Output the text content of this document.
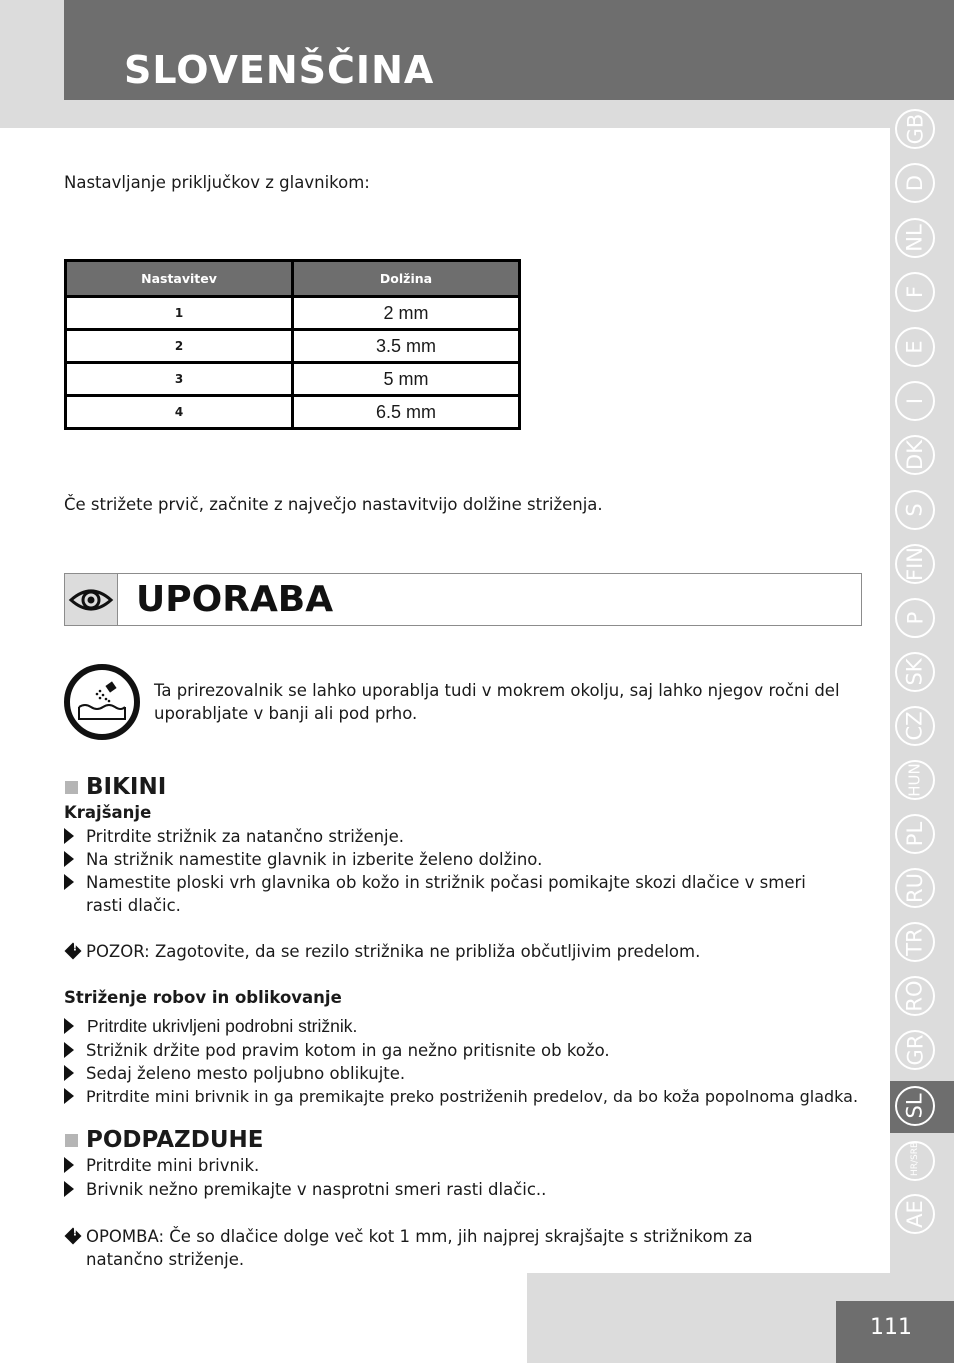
SLOVENŠČINA
GB
D
NL
F
E
I
DK
S
FIN
P
SK
CZ
HUN
PL
RU
TR
RO
GR
SL
HR/SRB
AE
Nastavljanje priključkov z glavnikom:
Nastavitev	Dolžina
1	2 mm
2	3.5 mm
3	5 mm
4	6.5 mm
Če strižete prvič, začnite z največjo nastavitvijo dolžine striženja.
UPORABA
Ta prirezovalnik se lahko uporablja tudi v mokrem okolju, saj lahko njegov ročni del
uporabljate v banji ali pod prho.
BIKINI
Krajšanje
Pritrdite strižnik za natančno striženje.
Na strižnik namestite glavnik in izberite želeno dolžino.
Namestite ploski vrh glavnika ob kožo in strižnik počasi pomikajte skozi dlačice v smeri
rasti dlačic.
!
POZOR: Zagotovite, da se rezilo strižnika ne približa občutljivim predelom.
Striženje robov in oblikovanje
Pritrdite ukrivljeni podrobni strižnik.
Strižnik držite pod pravim kotom in ga nežno pritisnite ob kožo.
Sedaj želeno mesto poljubno oblikujte.
Pritrdite mini brivnik in ga premikajte preko postriženih predelov, da bo koža popolnoma gladka.
PODPAZDUHE
Pritrdite mini brivnik.
Brivnik nežno premikajte v nasprotni smeri rasti dlačic..
!
OPOMBA: Če so dlačice dolge več kot 1 mm, jih najprej skrajšajte s strižnikom za
natančno striženje.
111
